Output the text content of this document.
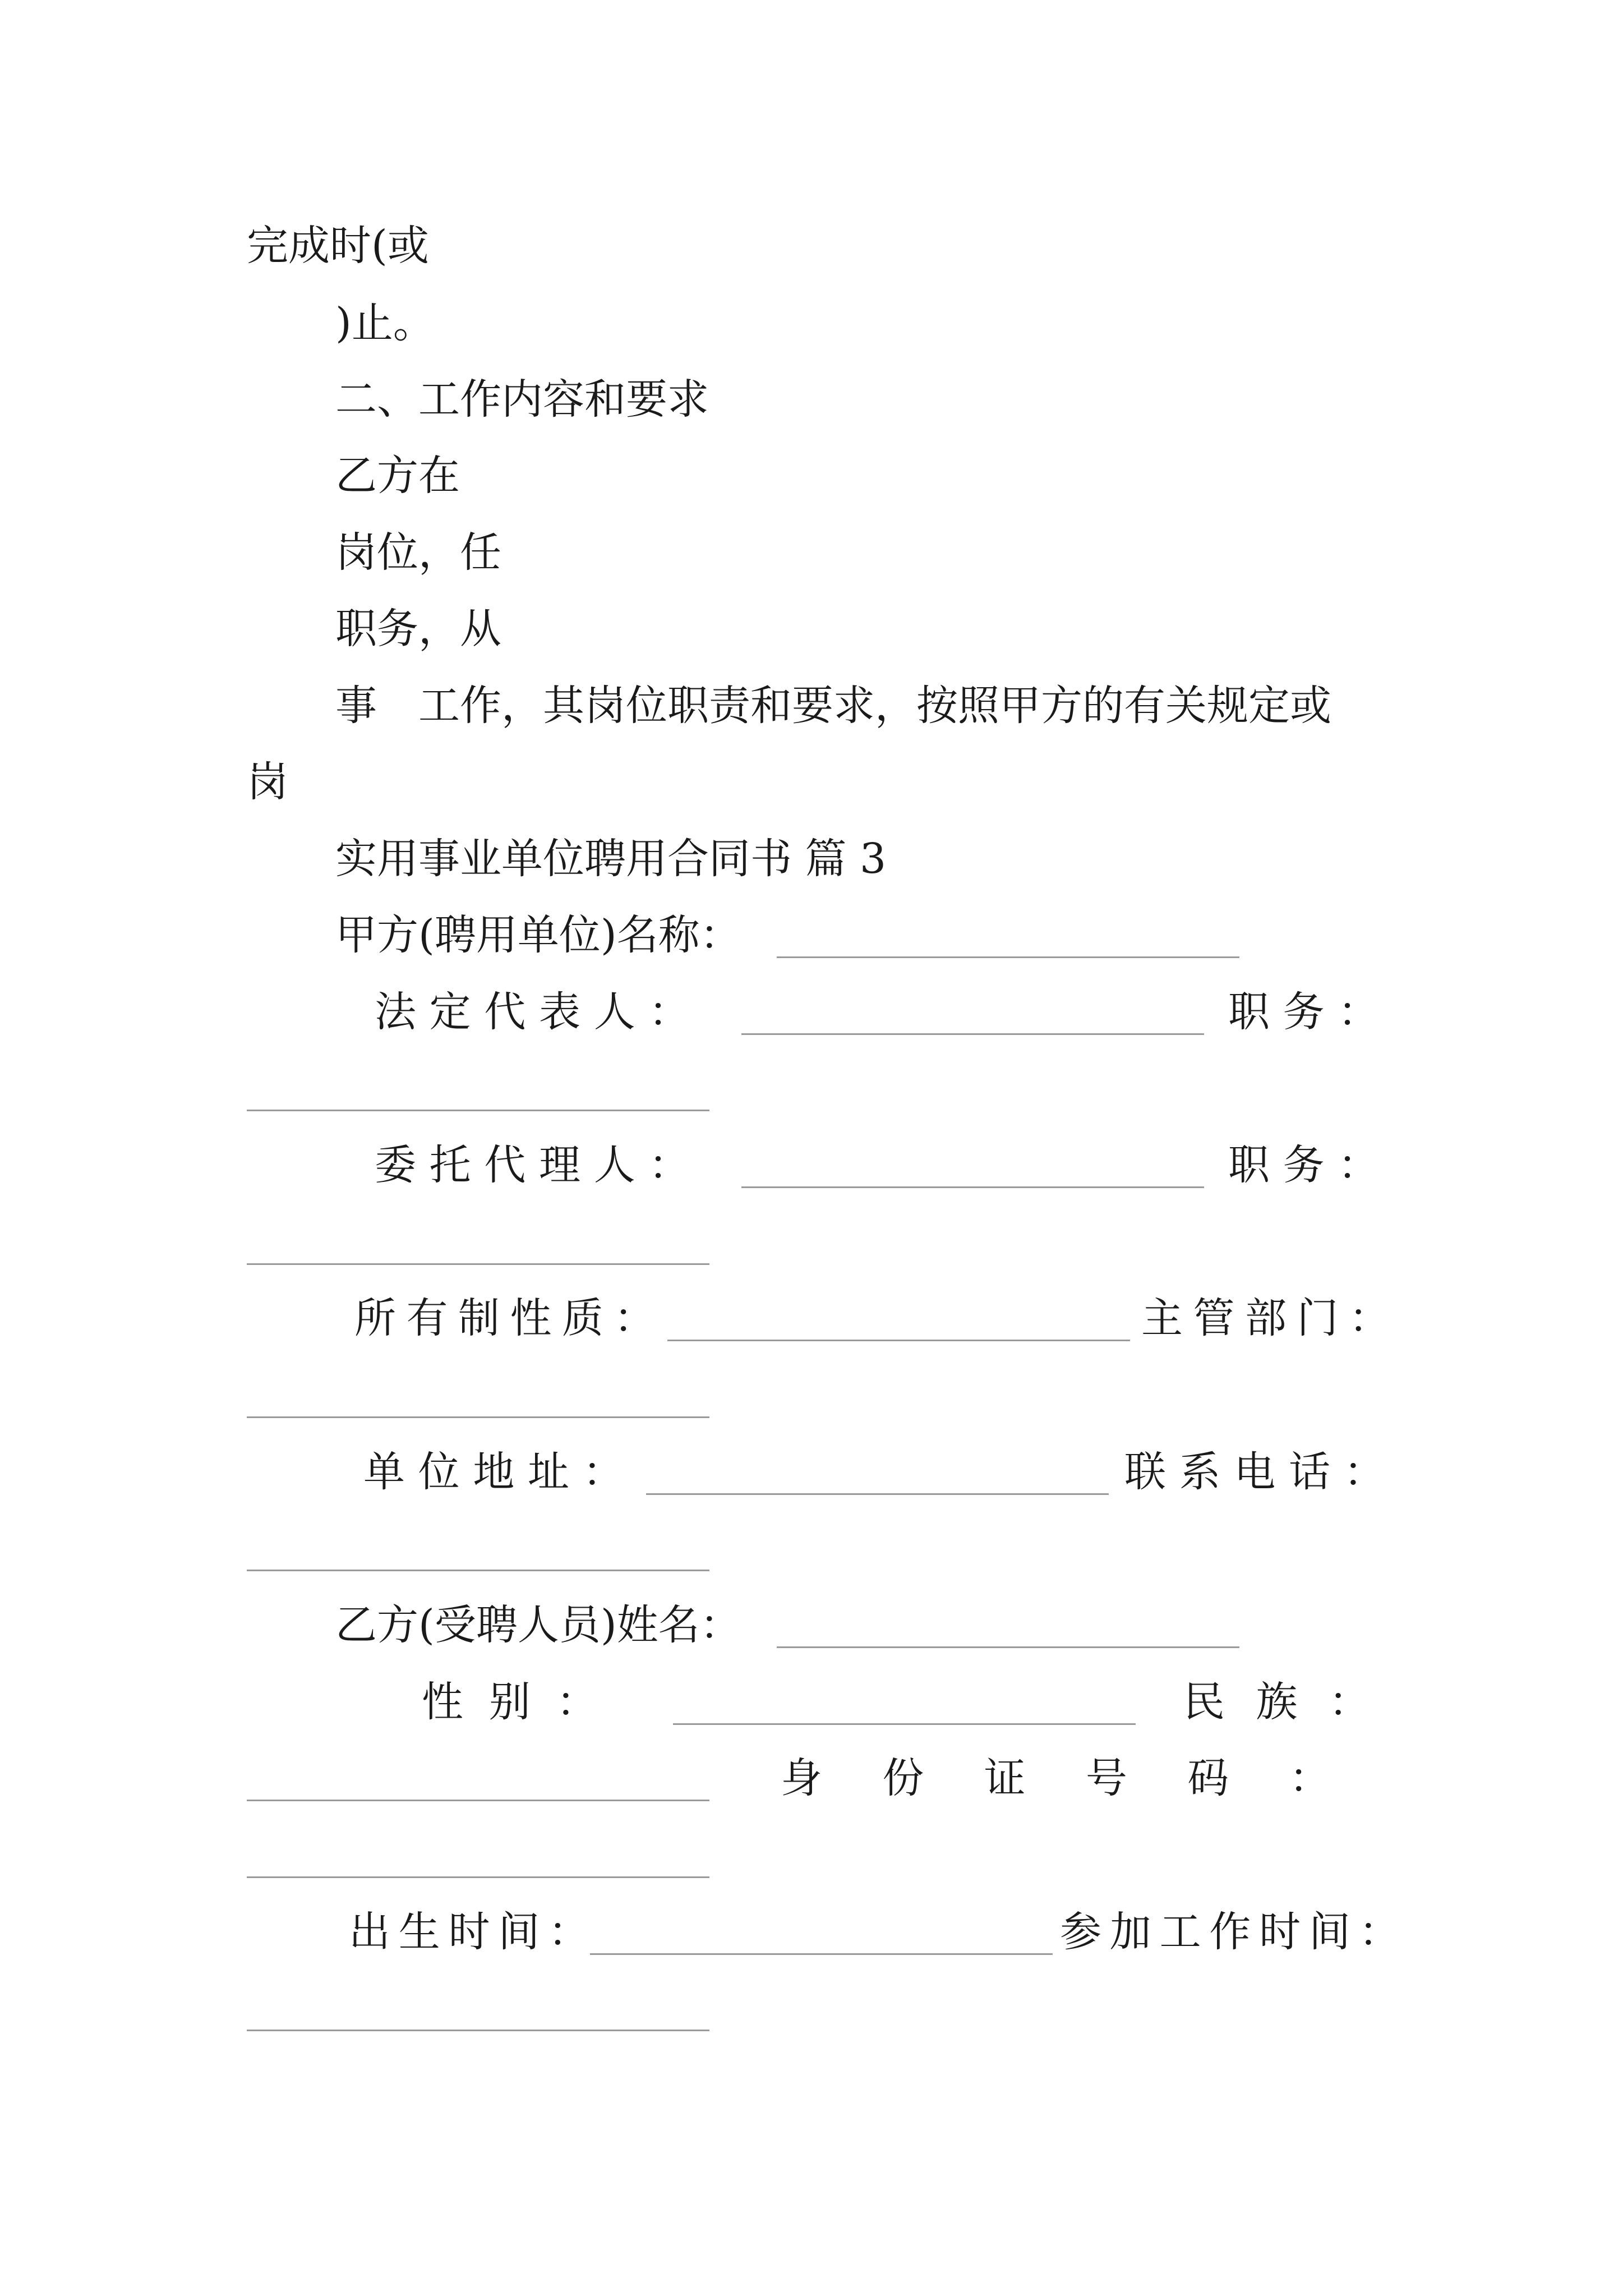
完成时(或
)止。
二、工作内容和要求
乙方在
岗位，任
职务，从
事　工作，其岗位职责和要求，按照甲方的有关规定或
岗
实用事业单位聘用合同书 篇 3
甲方(聘用单位)名称：
法定代表人：	职务：
委托代理人：	职务：
所有制性质：	主管部门：
单位地址：	联系电话：
乙方(受聘人员)姓名：
性别：	民族：
身份证号码：
出生时间：	参加工作时间：
